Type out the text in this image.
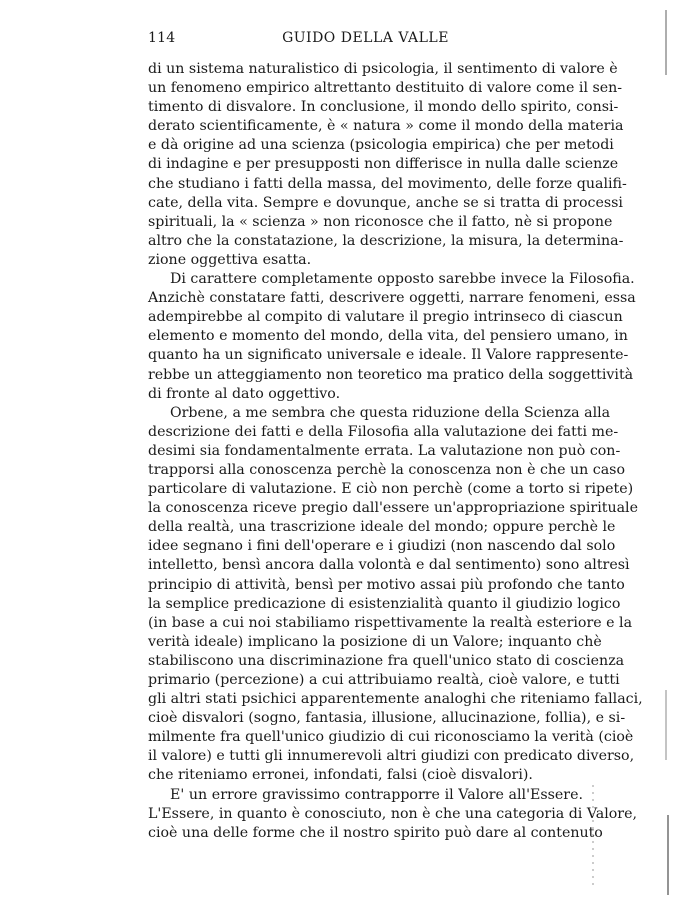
114	GUIDO DELLA VALLE
di un sistema naturalistico di psicologia, il sentimento di valore è
un fenomeno empirico altrettanto destituito di valore come il sen-
timento di disvalore. In conclusione, il mondo dello spirito, consi-
derato scientificamente, è « natura » come il mondo della materia
e dà origine ad una scienza (psicologia empirica) che per metodi
di indagine e per presupposti non differisce in nulla dalle scienze
che studiano i fatti della massa, del movimento, delle forze qualifi-
cate, della vita. Sempre e dovunque, anche se si tratta di processi
spirituali, la « scienza » non riconosce che il fatto, nè si propone
altro che la constatazione, la descrizione, la misura, la determina-
zione oggettiva esatta.
Di carattere completamente opposto sarebbe invece la Filosofia.
Anzichè constatare fatti, descrivere oggetti, narrare fenomeni, essa
adempirebbe al compito di valutare il pregio intrinseco di ciascun
elemento e momento del mondo, della vita, del pensiero umano, in
quanto ha un significato universale e ideale. Il Valore rappresente-
rebbe un atteggiamento non teoretico ma pratico della soggettività
di fronte al dato oggettivo.
Orbene, a me sembra che questa riduzione della Scienza alla
descrizione dei fatti e della Filosofia alla valutazione dei fatti me-
desimi sia fondamentalmente errata. La valutazione non può con-
trapporsi alla conoscenza perchè la conoscenza non è che un caso
particolare di valutazione. E ciò non perchè (come a torto si ripete)
la conoscenza riceve pregio dall'essere un'appropriazione spirituale
della realtà, una trascrizione ideale del mondo; oppure perchè le
idee segnano i fini dell'operare e i giudizi (non nascendo dal solo
intelletto, bensì ancora dalla volontà e dal sentimento) sono altresì
principio di attività, bensì per motivo assai più profondo che tanto
la semplice predicazione di esistenzialità quanto il giudizio logico
(in base a cui noi stabiliamo rispettivamente la realtà esteriore e la
verità ideale) implicano la posizione di un Valore; inquanto chè
stabiliscono una discriminazione fra quell'unico stato di coscienza
primario (percezione) a cui attribuiamo realtà, cioè valore, e tutti
gli altri stati psichici apparentemente analoghi che riteniamo fallaci,
cioè disvalori (sogno, fantasia, illusione, allucinazione, follia), e si-
milmente fra quell'unico giudizio di cui riconosciamo la verità (cioè
il valore) e tutti gli innumerevoli altri giudizi con predicato diverso,
che riteniamo erronei, infondati, falsi (cioè disvalori).
E' un errore gravissimo contrapporre il Valore all'Essere.
L'Essere, in quanto è conosciuto, non è che una categoria di Valore,
cioè una delle forme che il nostro spirito può dare al contenuto
